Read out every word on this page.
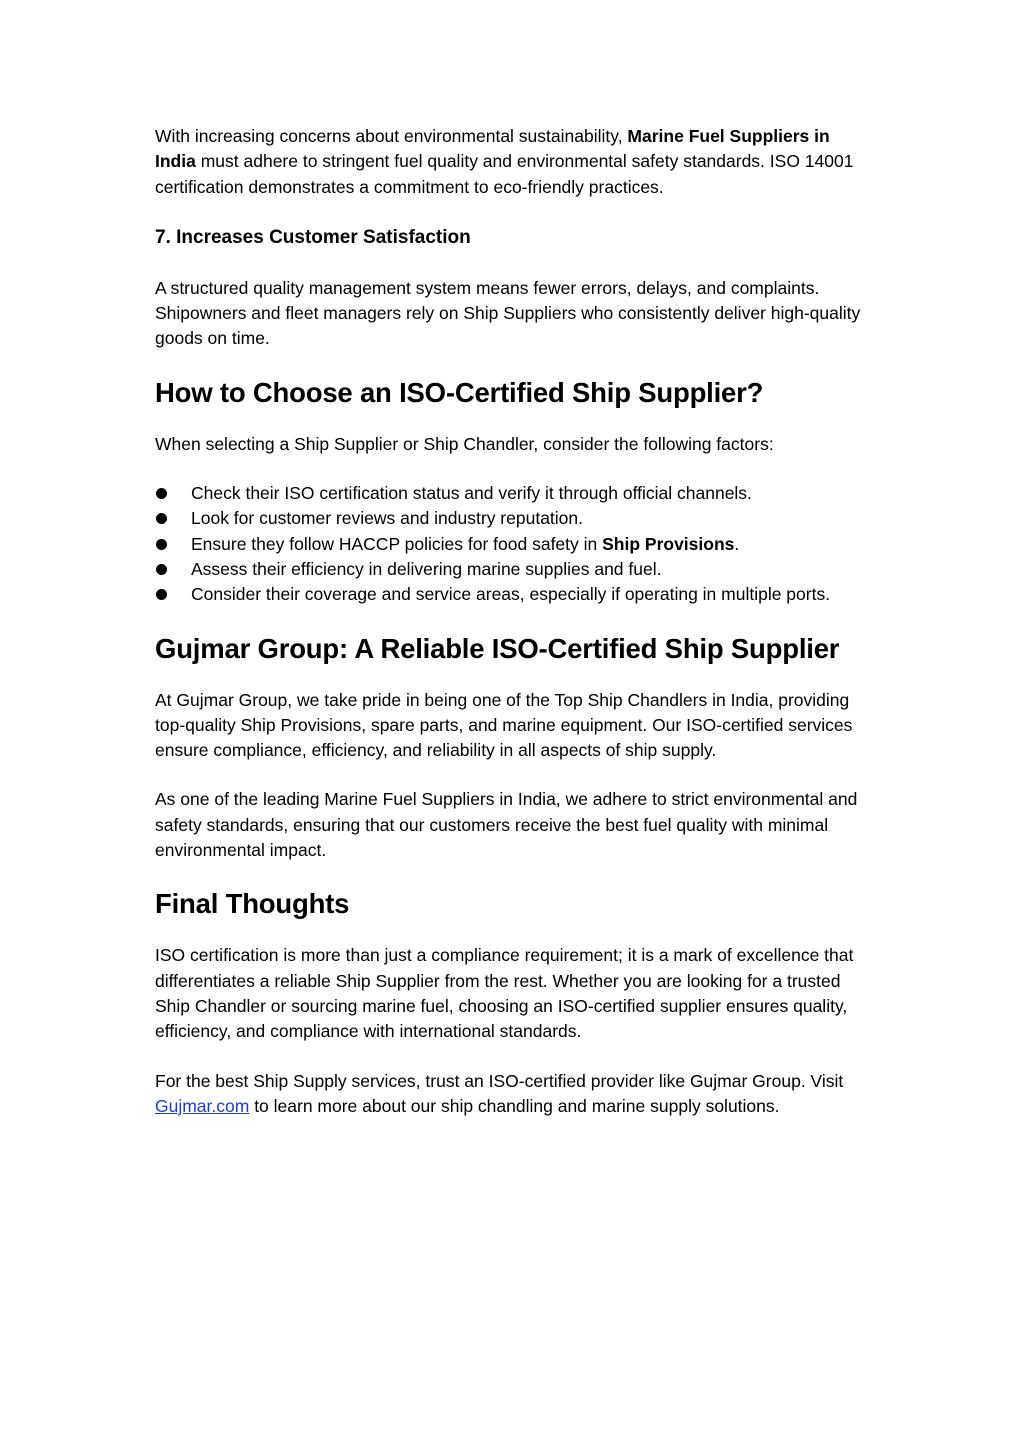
With increasing concerns about environmental sustainability, Marine Fuel Suppliers in India must adhere to stringent fuel quality and environmental safety standards. ISO 14001 certification demonstrates a commitment to eco-friendly practices.

7. Increases Customer Satisfaction

A structured quality management system means fewer errors, delays, and complaints. Shipowners and fleet managers rely on Ship Suppliers who consistently deliver high-quality goods on time.

How to Choose an ISO-Certified Ship Supplier?

When selecting a Ship Supplier or Ship Chandler, consider the following factors:

Check their ISO certification status and verify it through official channels.
Look for customer reviews and industry reputation.
Ensure they follow HACCP policies for food safety in Ship Provisions.
Assess their efficiency in delivering marine supplies and fuel.
Consider their coverage and service areas, especially if operating in multiple ports.
Gujmar Group: A Reliable ISO-Certified Ship Supplier

At Gujmar Group, we take pride in being one of the Top Ship Chandlers in India, providing top-quality Ship Provisions, spare parts, and marine equipment. Our ISO-certified services ensure compliance, efficiency, and reliability in all aspects of ship supply.

As one of the leading Marine Fuel Suppliers in India, we adhere to strict environmental and safety standards, ensuring that our customers receive the best fuel quality with minimal environmental impact.

Final Thoughts

ISO certification is more than just a compliance requirement; it is a mark of excellence that differentiates a reliable Ship Supplier from the rest. Whether you are looking for a trusted Ship Chandler or sourcing marine fuel, choosing an ISO-certified supplier ensures quality, efficiency, and compliance with international standards.

For the best Ship Supply services, trust an ISO-certified provider like Gujmar Group. Visit Gujmar.com to learn more about our ship chandling and marine supply solutions.
